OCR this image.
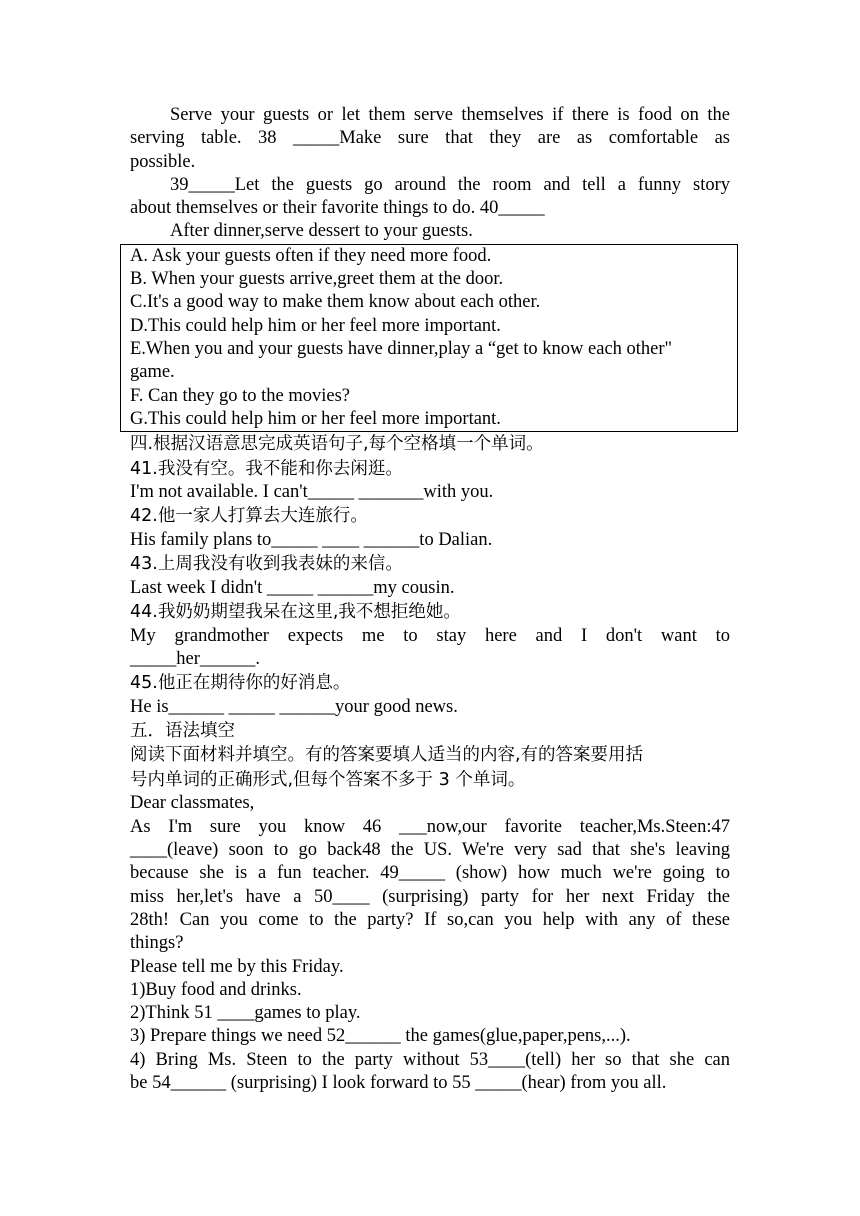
Serve your guests or let them serve themselves if there is food on the

serving table. 38 _____Make sure that they are as comfortable as

possible.

39_____Let the guests go around the room and tell a funny story

about themselves or their favorite things to do. 40_____

After dinner,serve dessert to your guests.

A. Ask your guests often if they need more food.

B. When your guests arrive,greet them at the door.

C.It's a good way to make them know about each other.

D.This could help him or her feel more important.

E.When you and your guests have dinner,play a “get to know each other"

game.

F. Can they go to the movies?

G.This could help him or her feel more important.

四.根据汉语意思完成英语句子,每个空格填一个单词。

41.我没有空。我不能和你去闲逛。

I'm not available. I can't_____ _______with you.

42.他一家人打算去大连旅行。

His family plans to_____ ____ ______to Dalian.

43.上周我没有收到我表妹的来信。

Last week I didn't _____ ______my cousin.

44.我奶奶期望我呆在这里,我不想拒绝她。

My grandmother expects me to stay here and I don't want to

_____her______.

45.他正在期待你的好消息。

He is______ _____ ______your good news.

五．语法填空

阅读下面材料并填空。有的答案要填人适当的内容,有的答案要用括

号内单词的正确形式,但每个答案不多于 3 个单词。

Dear classmates,

As I'm sure you know 46 ___now,our favorite teacher,Ms.Steen:47

____(leave) soon to go back48 the US. We're very sad that she's leaving

because she is a fun teacher. 49_____ (show) how much we're going to

miss her,let's have a 50____ (surprising) party for her next Friday the

28th! Can you come to the party? If so,can you help with any of these

things?

Please tell me by this Friday.

1)Buy food and drinks.

2)Think 51 ____games to play.

3) Prepare things we need 52______ the games(glue,paper,pens,...).

4) Bring Ms. Steen to the party without 53____(tell) her so that she can

be 54______ (surprising) I look forward to 55 _____(hear) from you all.
